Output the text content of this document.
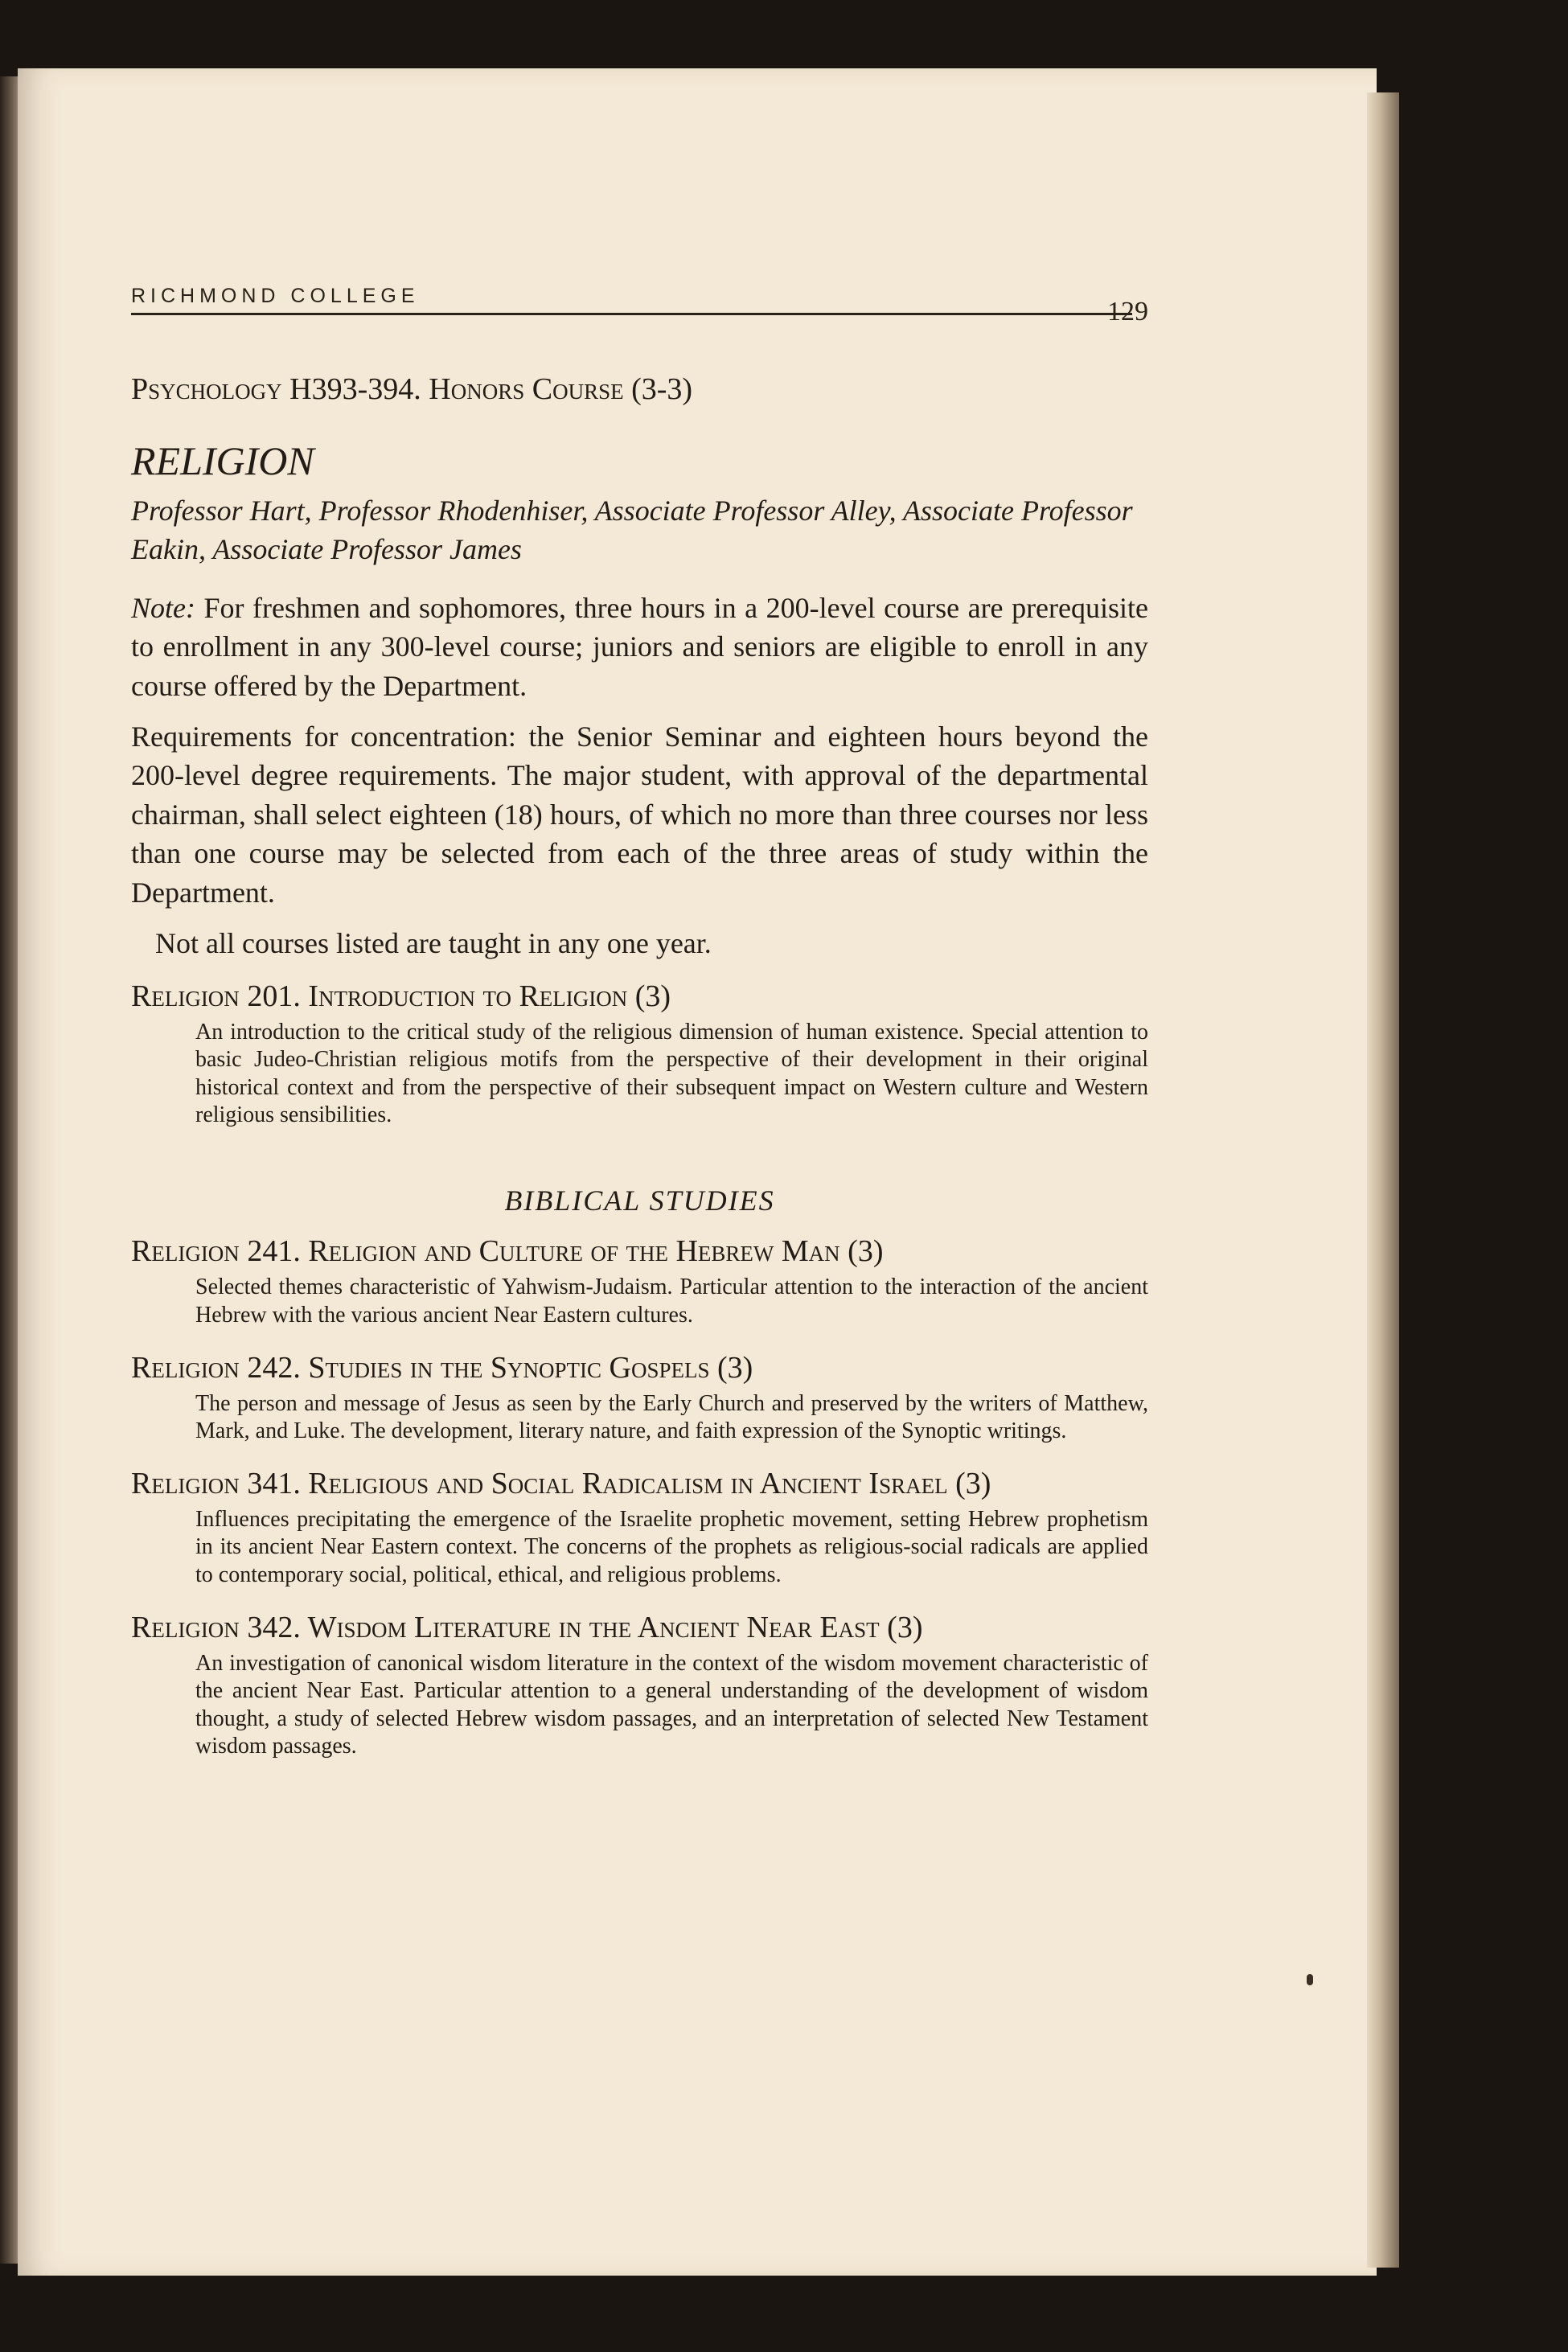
RICHMOND COLLEGE
129
Psychology H393-394. Honors Course (3-3)
RELIGION
Professor Hart, Professor Rhodenhiser, Associate Professor Alley, Associate Professor Eakin, Associate Professor James
Note: For freshmen and sophomores, three hours in a 200-level course are prerequisite to enrollment in any 300-level course; juniors and seniors are eligible to enroll in any course offered by the Department.
Requirements for concentration: the Senior Seminar and eighteen hours beyond the 200-level degree requirements. The major student, with approval of the departmental chairman, shall select eighteen (18) hours, of which no more than three courses nor less than one course may be selected from each of the three areas of study within the Department.
Not all courses listed are taught in any one year.
Religion 201. Introduction to Religion (3)
An introduction to the critical study of the religious dimension of human existence. Special attention to basic Judeo-Christian religious motifs from the perspective of their development in their original historical context and from the perspective of their subsequent impact on Western culture and Western religious sensibilities.
BIBLICAL STUDIES
Religion 241. Religion and Culture of the Hebrew Man (3)
Selected themes characteristic of Yahwism-Judaism. Particular attention to the interaction of the ancient Hebrew with the various ancient Near Eastern cultures.
Religion 242. Studies in the Synoptic Gospels (3)
The person and message of Jesus as seen by the Early Church and preserved by the writers of Matthew, Mark, and Luke. The development, literary nature, and faith expression of the Synoptic writings.
Religion 341. Religious and Social Radicalism in Ancient Israel (3)
Influences precipitating the emergence of the Israelite prophetic movement, setting Hebrew prophetism in its ancient Near Eastern context. The concerns of the prophets as religious-social radicals are applied to contemporary social, political, ethical, and religious problems.
Religion 342. Wisdom Literature in the Ancient Near East (3)
An investigation of canonical wisdom literature in the context of the wisdom movement characteristic of the ancient Near East. Particular attention to a general understanding of the development of wisdom thought, a study of selected Hebrew wisdom passages, and an interpretation of selected New Testament wisdom passages.
